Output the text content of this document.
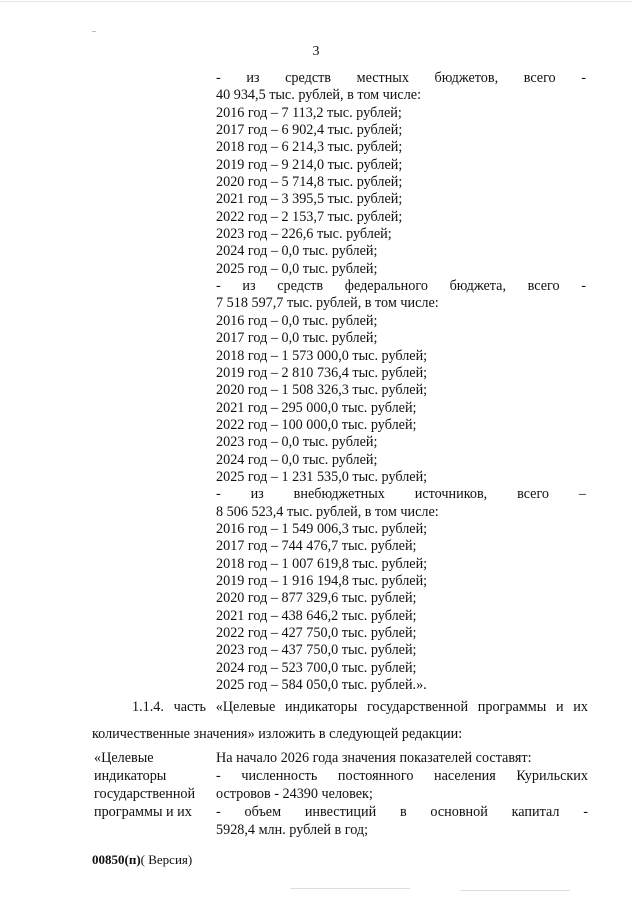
3
- из средств местных бюджетов, всего -
40 934,5 тыс. рублей, в том числе:
2016 год – 7 113,2 тыс. рублей;
2017 год – 6 902,4 тыс. рублей;
2018 год – 6 214,3 тыс. рублей;
2019 год – 9 214,0 тыс. рублей;
2020 год – 5 714,8 тыс. рублей;
2021 год – 3 395,5 тыс. рублей;
2022 год – 2 153,7 тыс. рублей;
2023 год – 226,6 тыс. рублей;
2024 год – 0,0 тыс. рублей;
2025 год – 0,0 тыс. рублей;
- из средств федерального бюджета, всего -
7 518 597,7 тыс. рублей, в том числе:
2016 год – 0,0 тыс. рублей;
2017 год – 0,0 тыс. рублей;
2018 год – 1 573 000,0 тыс. рублей;
2019 год – 2 810 736,4 тыс. рублей;
2020 год – 1 508 326,3 тыс. рублей;
2021 год – 295 000,0 тыс. рублей;
2022 год – 100 000,0 тыс. рублей;
2023 год – 0,0 тыс. рублей;
2024 год – 0,0 тыс. рублей;
2025 год – 1 231 535,0 тыс. рублей;
- из внебюджетных источников, всего –
8 506 523,4 тыс. рублей, в том числе:
2016 год – 1 549 006,3 тыс. рублей;
2017 год – 744 476,7 тыс. рублей;
2018 год – 1 007 619,8 тыс. рублей;
2019 год – 1 916 194,8 тыс. рублей;
2020 год – 877 329,6 тыс. рублей;
2021 год – 438 646,2 тыс. рублей;
2022 год – 427 750,0 тыс. рублей;
2023 год – 437 750,0 тыс. рублей;
2024 год – 523 700,0 тыс. рублей;
2025 год – 584 050,0 тыс. рублей.».
1.1.4. часть «Целевые индикаторы государственной программы и их
количественные значения» изложить в следующей редакции:
«Целевые
индикаторы
государственной
программы и их
На начало 2026 года значения показателей составят:
- численность постоянного населения Курильских
островов - 24390 человек;
- объем инвестиций в основной капитал -
5928,4 млн. рублей в год;
00850(п)( Версия)
